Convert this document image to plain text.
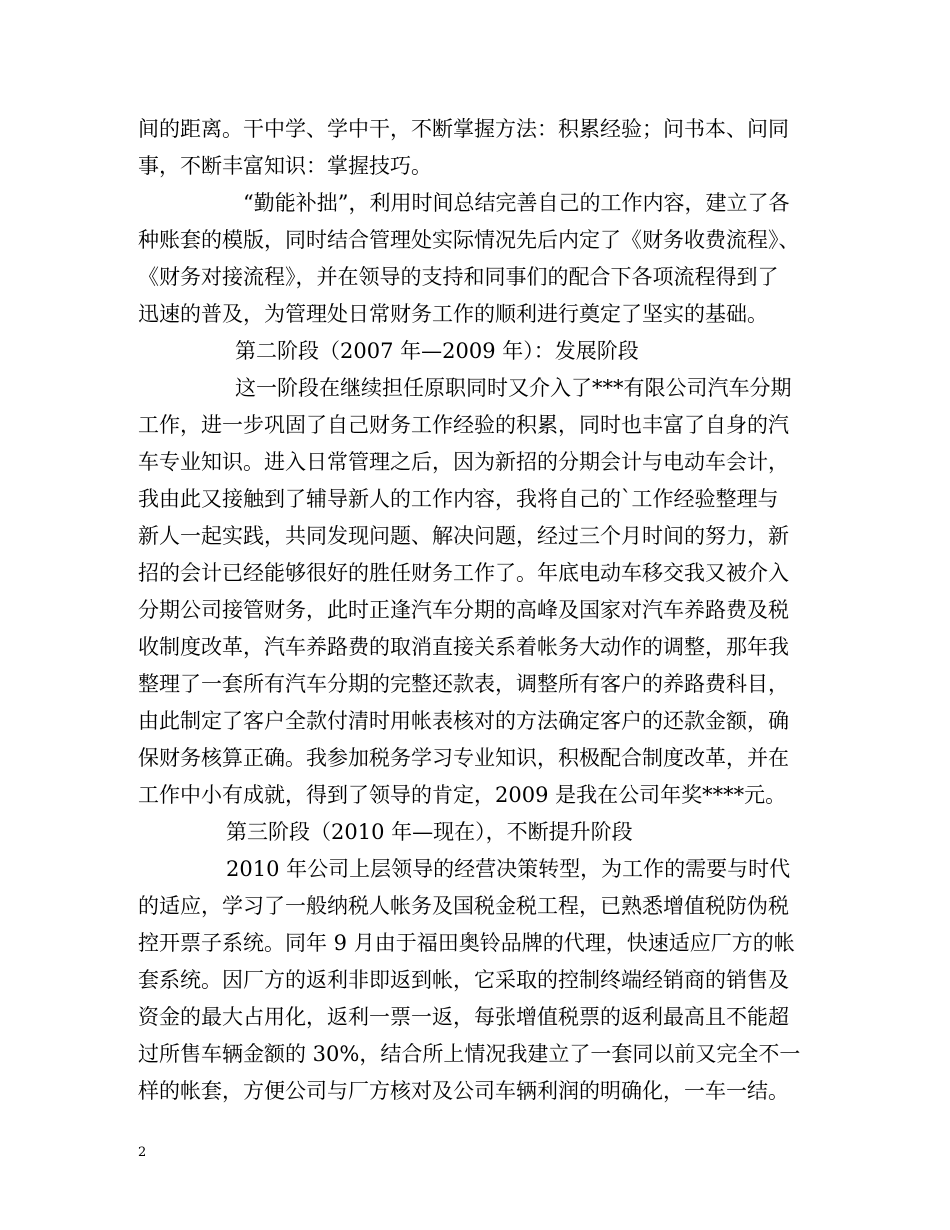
间的距离。干中学、学中干，不断掌握方法：积累经验；问书本、问同
事，不断丰富知识：掌握技巧。
“勤能补拙”，利用时间总结完善自己的工作内容，建立了各
种账套的模版，同时结合管理处实际情况先后内定了《财务收费流程》、
《财务对接流程》，并在领导的支持和同事们的配合下各项流程得到了
迅速的普及，为管理处日常财务工作的顺利进行奠定了坚实的基础。
第二阶段（2007 年—2009 年）：发展阶段
这一阶段在继续担任原职同时又介入了***有限公司汽车分期
工作，进一步巩固了自己财务工作经验的积累，同时也丰富了自身的汽
车专业知识。进入日常管理之后，因为新招的分期会计与电动车会计，
我由此又接触到了辅导新人的工作内容，我将自己的`工作经验整理与
新人一起实践，共同发现问题、解决问题，经过三个月时间的努力，新
招的会计已经能够很好的胜任财务工作了。年底电动车移交我又被介入
分期公司接管财务，此时正逢汽车分期的高峰及国家对汽车养路费及税
收制度改革，汽车养路费的取消直接关系着帐务大动作的调整，那年我
整理了一套所有汽车分期的完整还款表，调整所有客户的养路费科目，
由此制定了客户全款付清时用帐表核对的方法确定客户的还款金额，确
保财务核算正确。我参加税务学习专业知识，积极配合制度改革，并在
工作中小有成就，得到了领导的肯定，2009 是我在公司年奖****元。
第三阶段（2010 年—现在），不断提升阶段
2010 年公司上层领导的经营决策转型，为工作的需要与时代
的适应，学习了一般纳税人帐务及国税金税工程，已熟悉增值税防伪税
控开票子系统。同年 9 月由于福田奥铃品牌的代理，快速适应厂方的帐
套系统。因厂方的返利非即返到帐，它采取的控制终端经销商的销售及
资金的最大占用化，返利一票一返，每张增值税票的返利最高且不能超
过所售车辆金额的 30%，结合所上情况我建立了一套同以前又完全不一
样的帐套，方便公司与厂方核对及公司车辆利润的明确化，一车一结。
2
